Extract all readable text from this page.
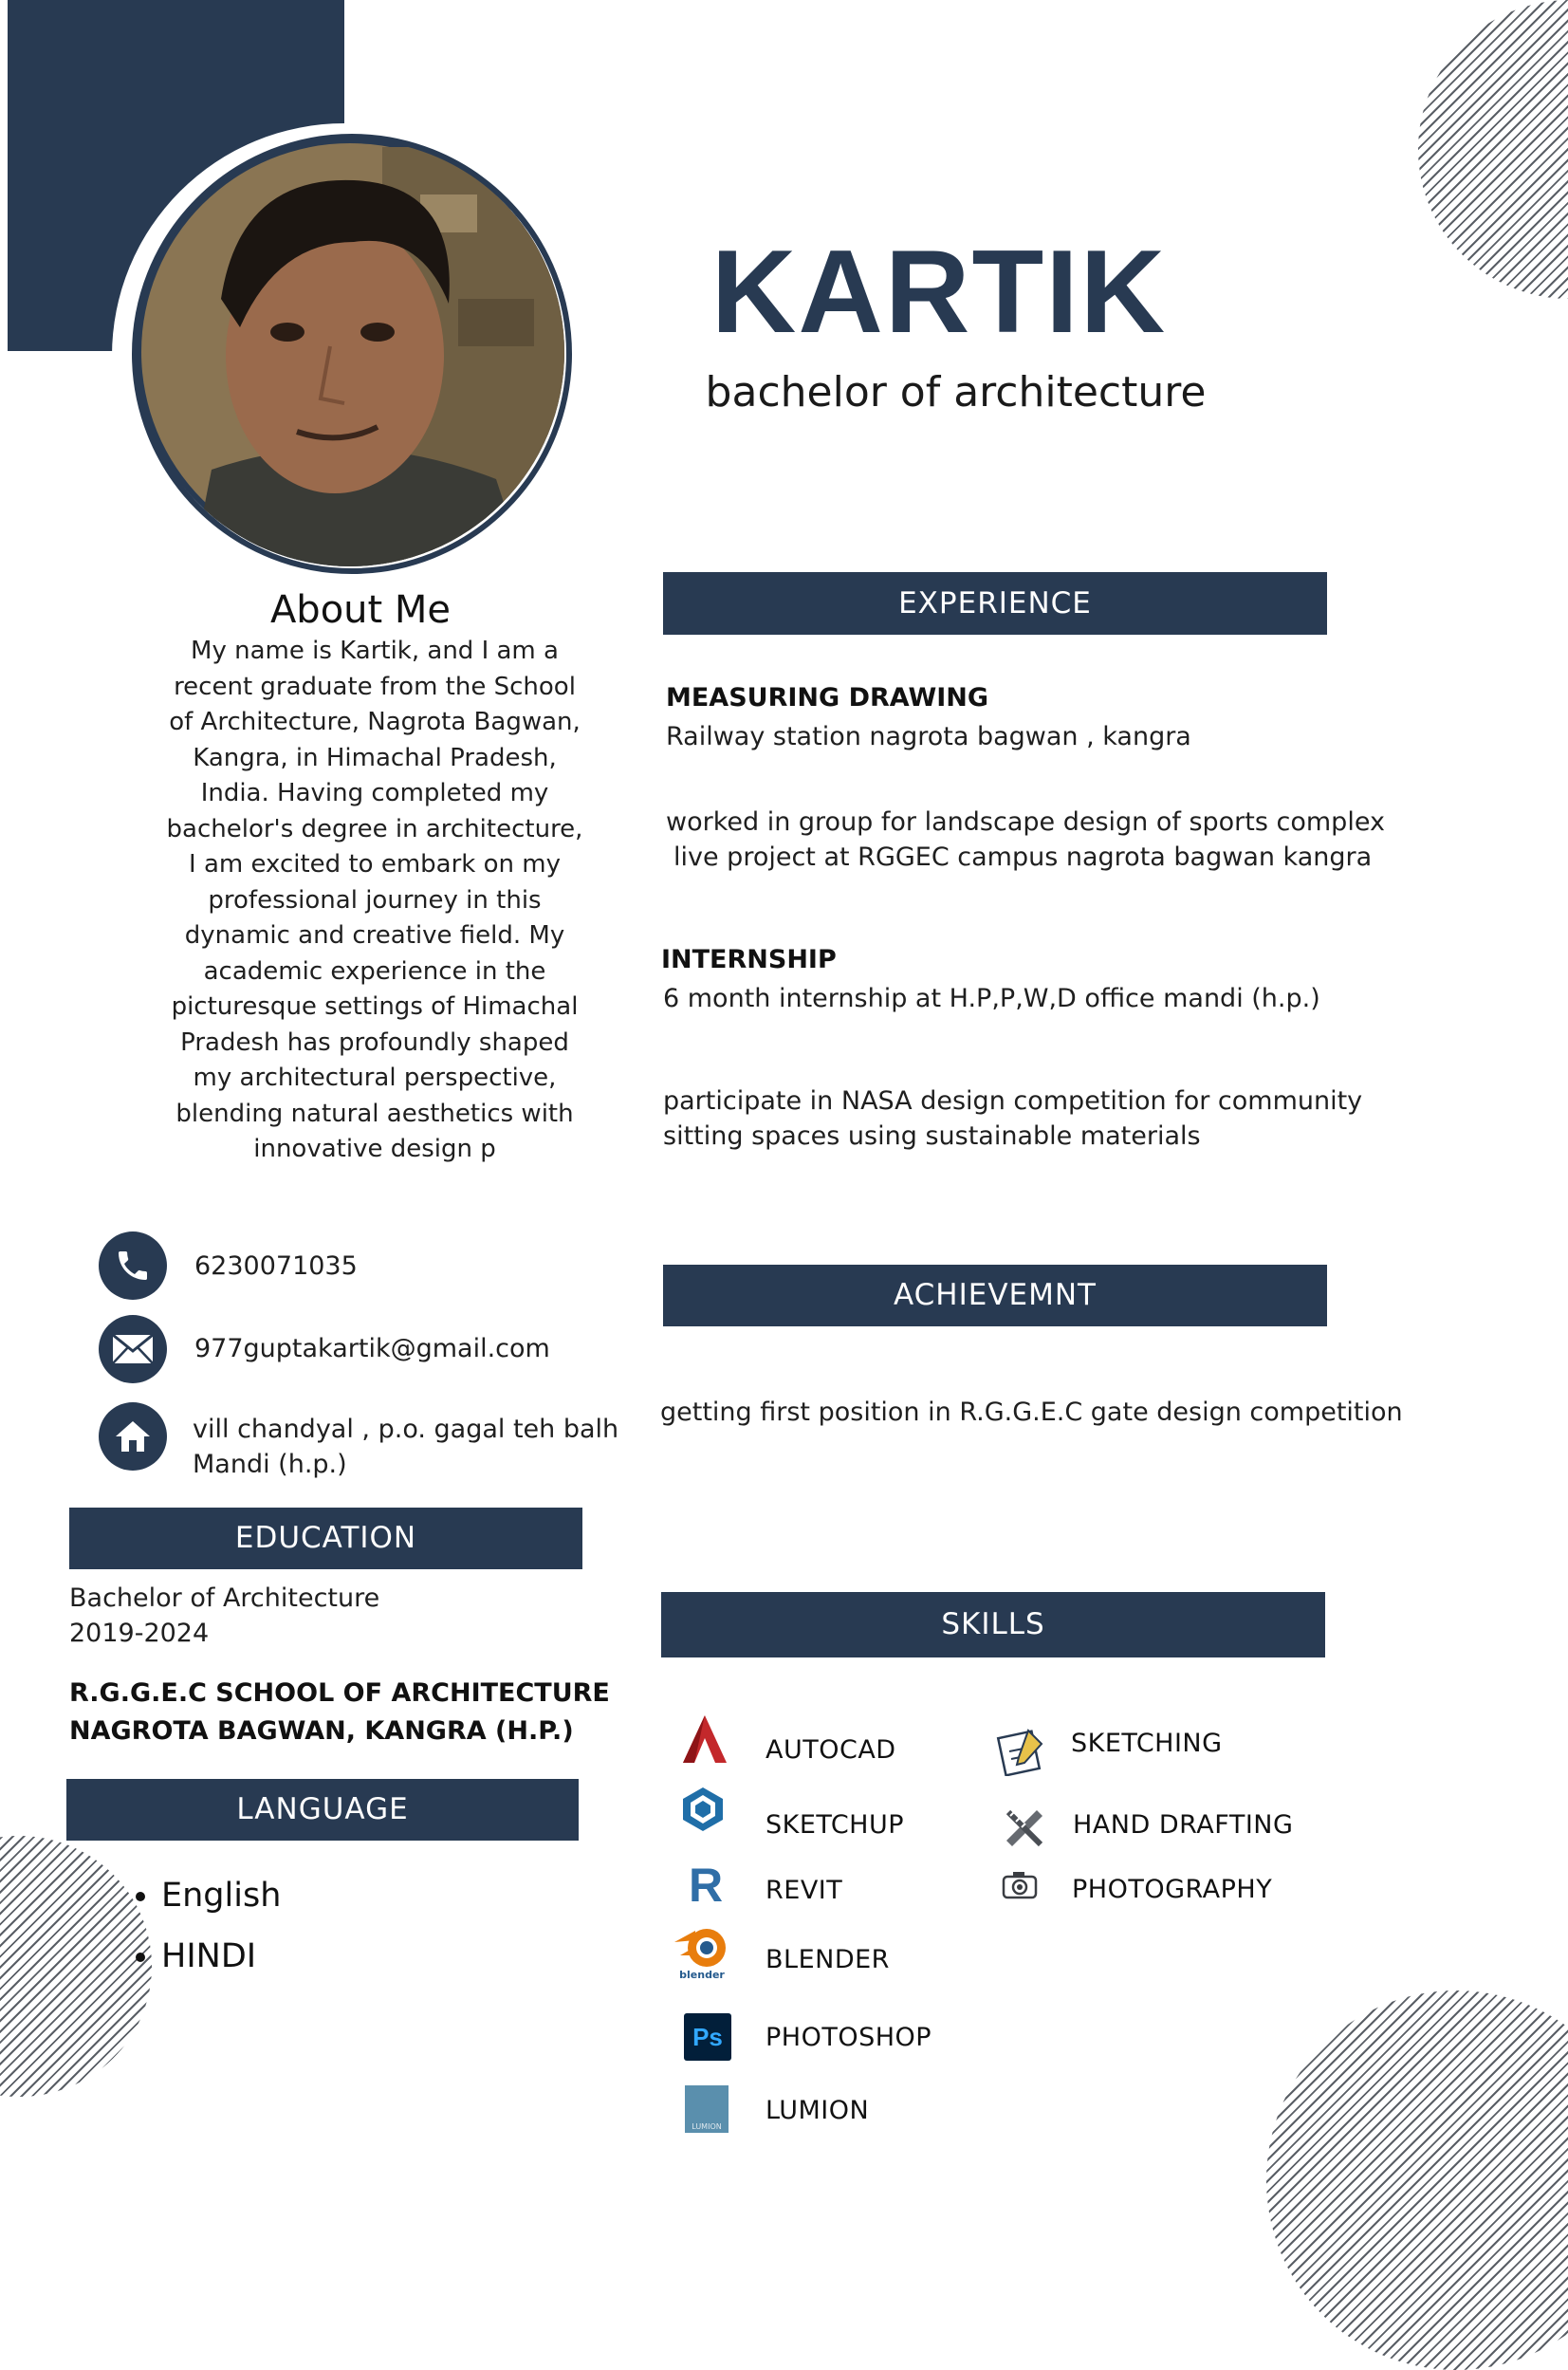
KARTIK
bachelor of architecture
About Me
My name is Kartik, and I am a
recent graduate from the School
of Architecture, Nagrota Bagwan,
Kangra, in Himachal Pradesh,
India. Having completed my
bachelor's degree in architecture,
I am excited to embark on my
professional journey in this
dynamic and creative field. My
academic experience in the
picturesque settings of Himachal
Pradesh has profoundly shaped
my architectural perspective,
blending natural aesthetics with
innovative design p
6230071035
977guptakartik@gmail.com
vill chandyal , p.o. gagal teh balh
Mandi (h.p.)
EDUCATION
Bachelor of Architecture
2019-2024
R.G.G.E.C SCHOOL OF ARCHITECTURE
NAGROTA BAGWAN, KANGRA (H.P.)
LANGUAGE
• English
• HINDI
EXPERIENCE
MEASURING DRAWING
Railway station nagrota bagwan , kangra
worked in group for landscape design of sports complex
live project at RGGEC campus nagrota bagwan kangra
INTERNSHIP
6 month internship at H.P,P,W,D office mandi (h.p.)
participate in NASA design competition for community
sitting spaces using sustainable materials
ACHIEVEMNT
getting first position in R.G.G.E.C gate design competition
SKILLS
AUTOCAD
SKETCHUP
R REVIT
blender BLENDER
Ps PHOTOSHOP
LUMION
LUMION
SKETCHING
HAND DRAFTING
PHOTOGRAPHY
